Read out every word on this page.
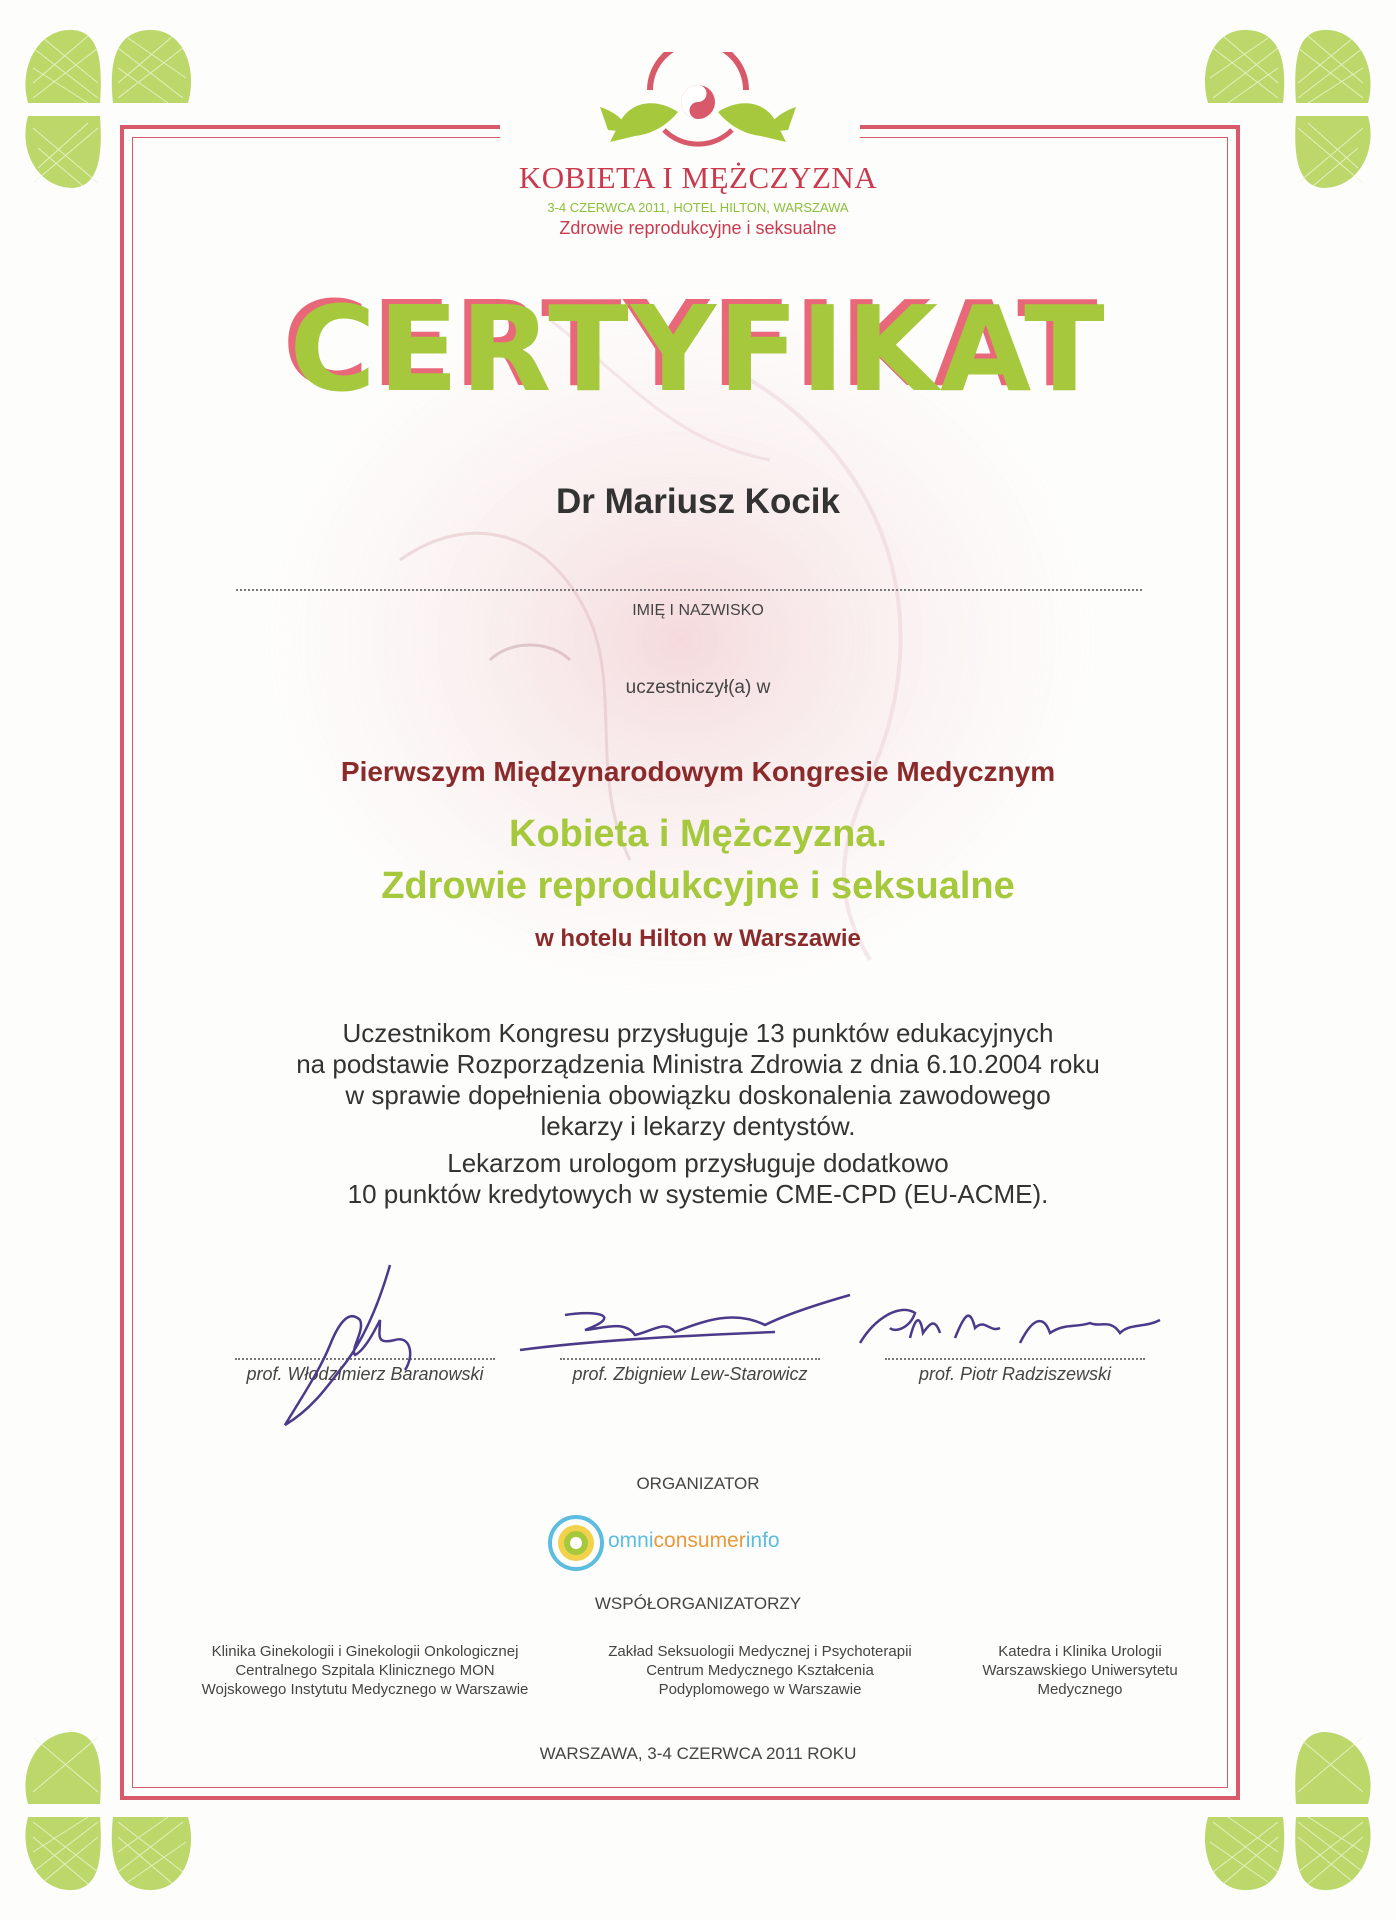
KOBIETA I MĘŻCZYZNA
3-4 CZERWCA 2011, HOTEL HILTON, WARSZAWA
Zdrowie reprodukcyjne i seksualne
CERTYFIKAT
Dr Mariusz Kocik
IMIĘ I NAZWISKO
uczestniczył(a) w
Pierwszym Międzynarodowym Kongresie Medycznym
Kobieta i Mężczyzna.
Zdrowie reprodukcyjne i seksualne
w hotelu Hilton w Warszawie

Uczestnikom Kongresu przysługuje 13 punktów edukacyjnych

na podstawie Rozporządzenia Ministra Zdrowia z dnia 6.10.2004 roku

w sprawie dopełnienia obowiązku doskonalenia zawodowego

lekarzy i lekarzy dentystów.

Lekarzom urologom przysługuje dodatkowo

10 punktów kredytowych w systemie CME-CPD (EU-ACME).

prof. Włodzimierz Baranowski	prof. Zbigniew Lew-Starowicz	prof. Piotr Radziszewski
ORGANIZATOR
omniconsumerinfo
WSPÓŁORGANIZATORZY

Klinika Ginekologii i Ginekologii Onkologicznej

Centralnego Szpitala Klinicznego MON

Wojskowego Instytutu Medycznego w Warszawie

Zakład Seksuologii Medycznej i Psychoterapii

Centrum Medycznego Kształcenia

Podyplomowego w Warszawie

Katedra i Klinika Urologii

Warszawskiego Uniwersytetu

Medycznego

WARSZAWA, 3-4 CZERWCA 2011 ROKU
